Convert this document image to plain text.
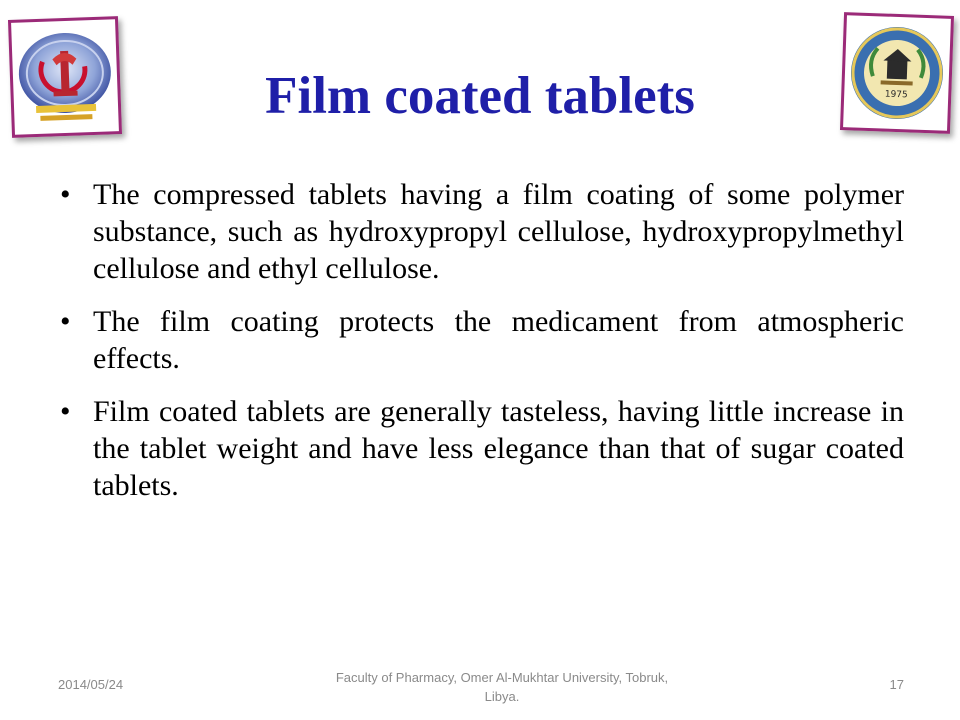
1975
Film coated tablets

• The compressed tablets having a film coating of some polymer substance, such as hydroxypropyl cellulose, hydroxypropylmethyl cellulose and ethyl cellulose.

• The film coating protects the medicament from atmospheric effects.

• Film coated tablets are generally tasteless, having little increase in the tablet weight and have less elegance than that of sugar coated tablets.

2014/05/24	Faculty of Pharmacy, Omer Al-Mukhtar University, Tobruk, Libya.
17
